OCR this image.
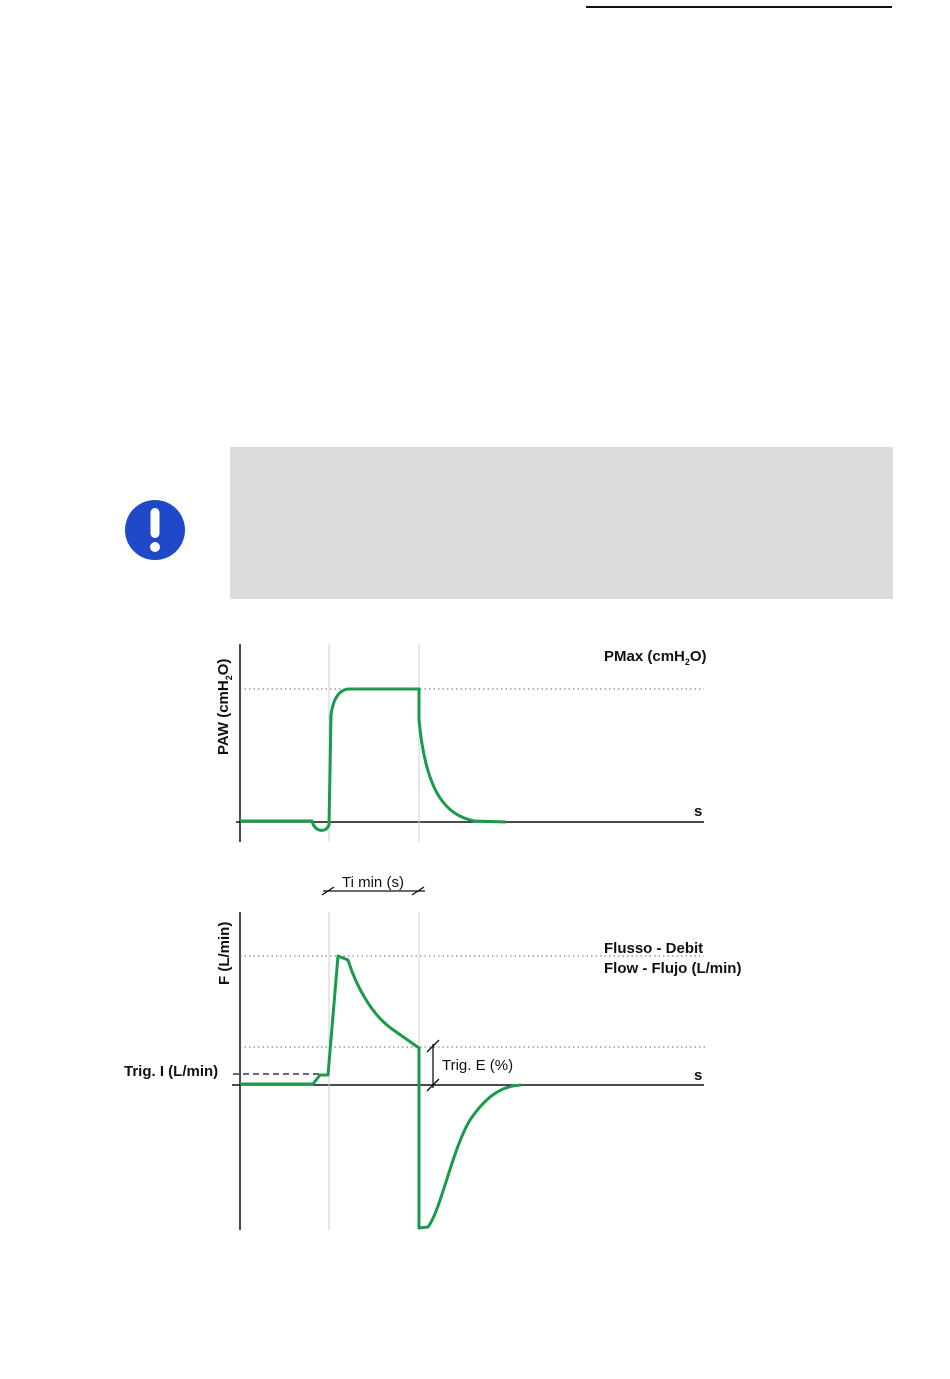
PAW (cmH$_2$O)
PMax (cmH$_2$O)
s
Ti min (s)
F (L/min)	Flusso - Debit
Flow - Flujo (L/min)
Trig. I (L/min)	Trig. E (%)
s
